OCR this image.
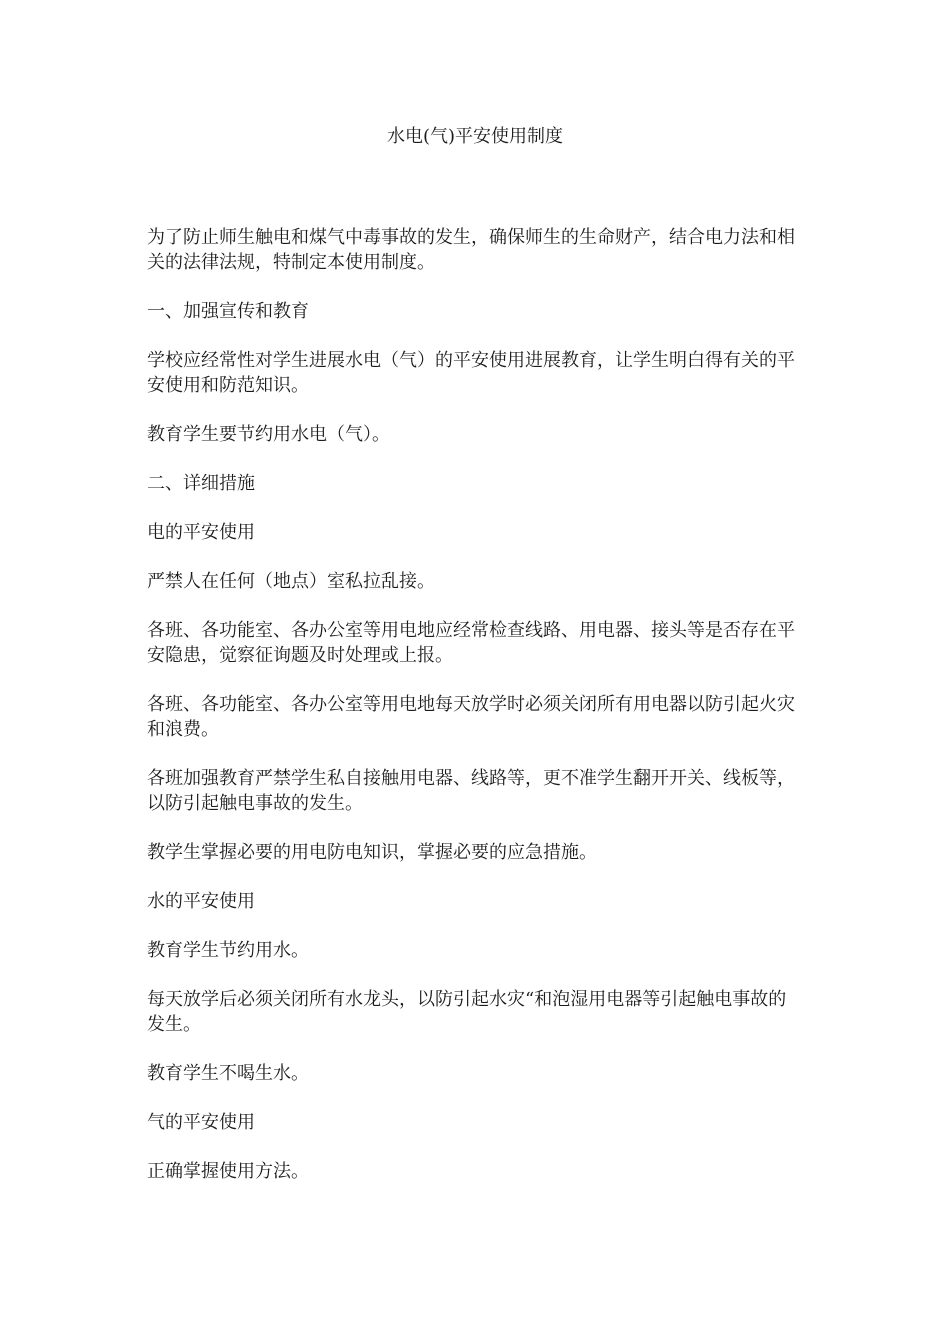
水电(气)平安使用制度

为了防止师生触电和煤气中毒事故的发生，确保师生的生命财产，结合电力法和相关的法律法规，特制定本使用制度。

一、加强宣传和教育

学校应经常性对学生进展水电（气）的平安使用进展教育，让学生明白得有关的平安使用和防范知识。

教育学生要节约用水电（气）。

二、详细措施

电的平安使用

严禁人在任何（地点）室私拉乱接。

各班、各功能室、各办公室等用电地应经常检查线路、用电器、接头等是否存在平安隐患，觉察征询题及时处理或上报。

各班、各功能室、各办公室等用电地每天放学时必须关闭所有用电器以防引起火灾和浪费。

各班加强教育严禁学生私自接触用电器、线路等，更不准学生翻开开关、线板等，以防引起触电事故的发生。

教学生掌握必要的用电防电知识，掌握必要的应急措施。

水的平安使用

教育学生节约用水。

每天放学后必须关闭所有水龙头，以防引起水灾“和泡湿用电器等引起触电事故的发生。

教育学生不喝生水。

气的平安使用

正确掌握使用方法。
